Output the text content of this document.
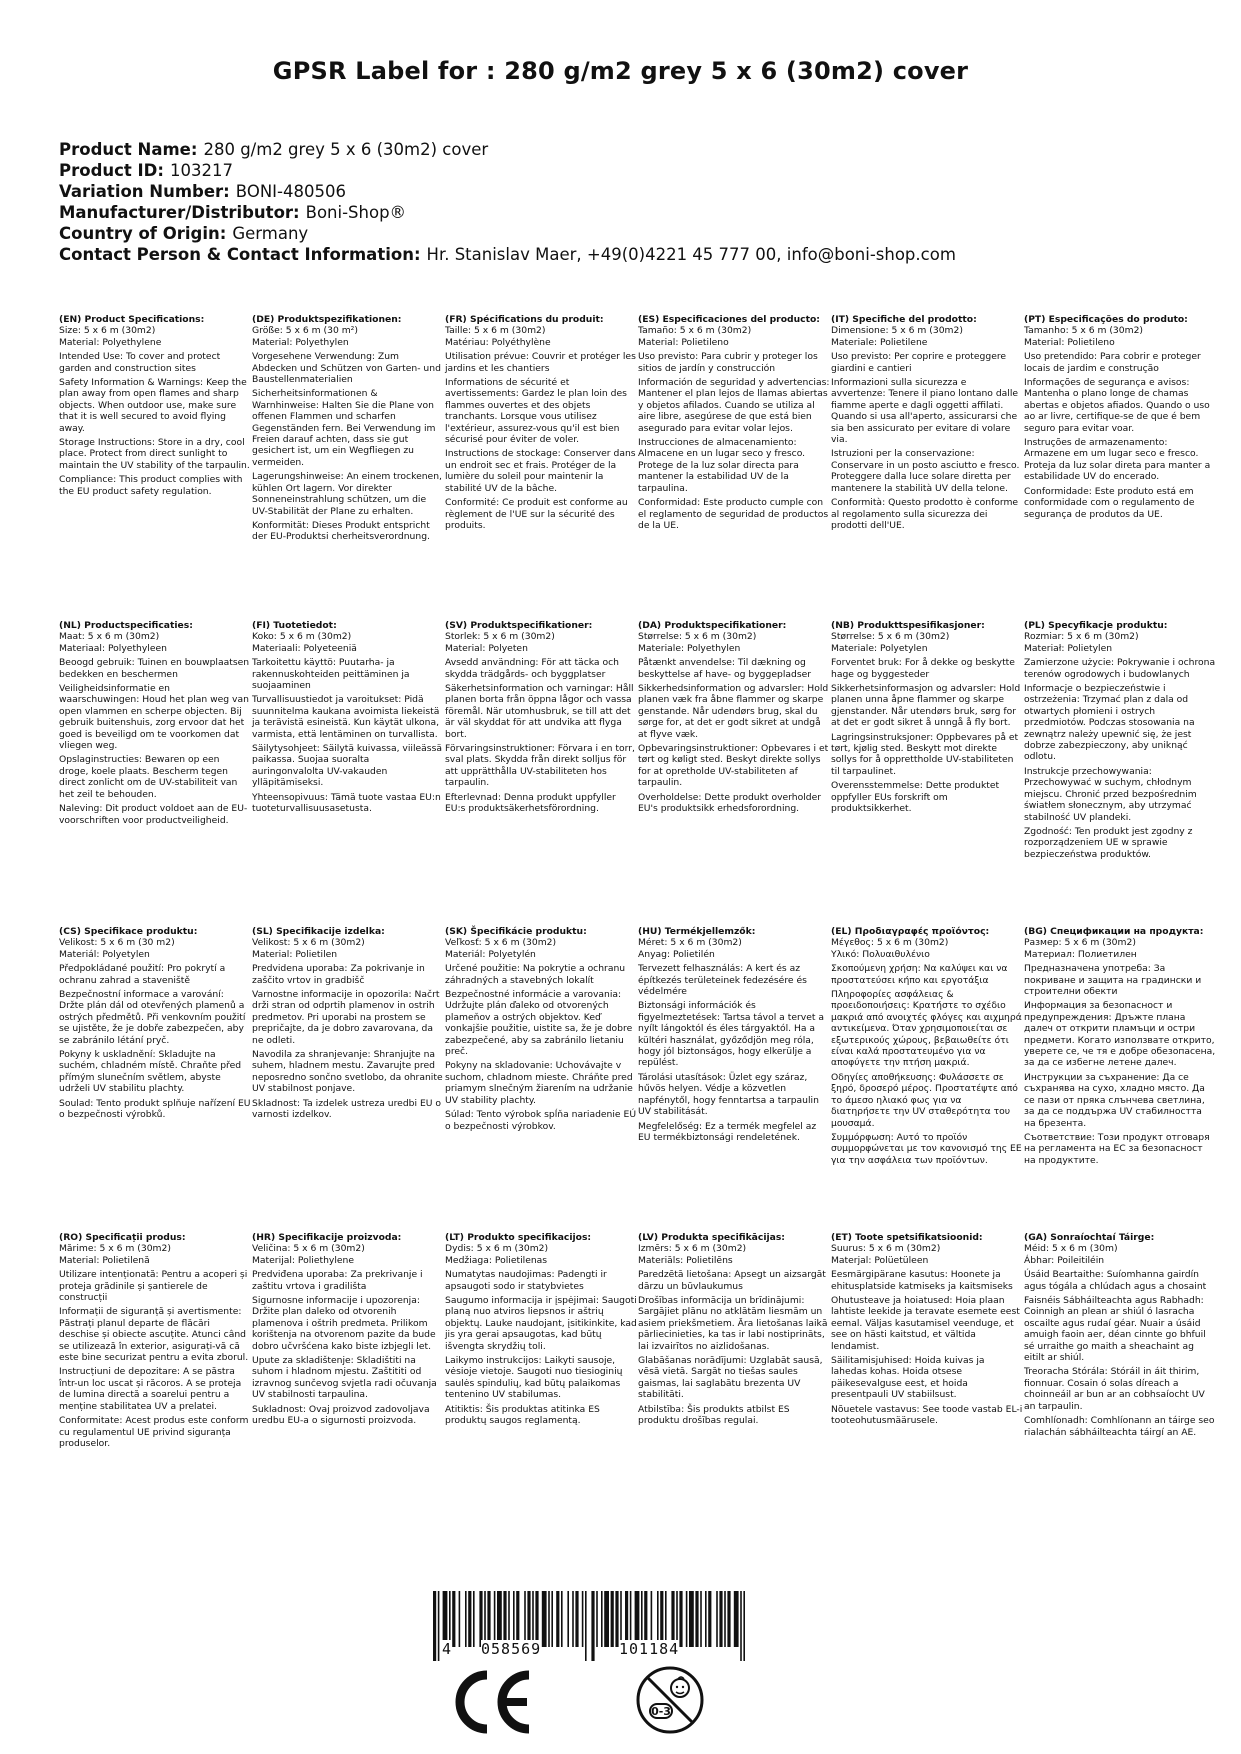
GPSR Label for : 280 g/m2 grey 5 x 6 (30m2) cover
Product Name: 280 g/m2 grey 5 x 6 (30m2) cover
Product ID: 103217
Variation Number: BONI-480506
Manufacturer/Distributor: Boni-Shop®
Country of Origin: Germany
Contact Person & Contact Information: Hr. Stanislav Maer, +49(0)4221 45 777 00, info@boni-shop.com
(EN) Product Specifications:
Size: 5 x 6 m (30m2)
Material: Polyethylene
Intended Use: To cover and protect garden and construction sites
Safety Information & Warnings: Keep the plan away from open flames and sharp objects. When outdoor use, make sure that it is well secured to avoid flying away.
Storage Instructions: Store in a dry, cool place. Protect from direct sunlight to maintain the UV stability of the tarpaulin.
Compliance: This product complies with the EU product safety regulation.
(DE) Produktspezifikationen:
Größe: 5 x 6 m (30 m²)
Material: Polyethylen
Vorgesehene Verwendung: Zum Abdecken und Schützen von Garten- und Baustellenmaterialien
Sicherheitsinformationen & Warnhinweise: Halten Sie die Plane von offenen Flammen und scharfen Gegenständen fern. Bei Verwendung im Freien darauf achten, dass sie gut gesichert ist, um ein Wegfliegen zu vermeiden.
Lagerungshinweise: An einem trockenen, kühlen Ort lagern. Vor direkter Sonneneinstrahlung schützen, um die UV-Stabilität der Plane zu erhalten.
Konformität: Dieses Produkt entspricht der EU-Produktsi cherheitsverordnung.
(FR) Spécifications du produit:
Taille: 5 x 6 m (30m2)
Matériau: Polyéthylène
Utilisation prévue: Couvrir et protéger les jardins et les chantiers
Informations de sécurité et avertissements: Gardez le plan loin des flammes ouvertes et des objets tranchants. Lorsque vous utilisez l'extérieur, assurez-vous qu'il est bien sécurisé pour éviter de voler.
Instructions de stockage: Conserver dans un endroit sec et frais. Protéger de la lumière du soleil pour maintenir la stabilité UV de la bâche.
Conformité: Ce produit est conforme au règlement de l'UE sur la sécurité des produits.
(ES) Especificaciones del producto:
Tamaño: 5 x 6 m (30m2)
Material: Polietileno
Uso previsto: Para cubrir y proteger los sitios de jardín y construcción
Información de seguridad y advertencias: Mantener el plan lejos de llamas abiertas y objetos afilados. Cuando se utiliza al aire libre, asegúrese de que está bien asegurado para evitar volar lejos.
Instrucciones de almacenamiento: Almacene en un lugar seco y fresco. Protege de la luz solar directa para mantener la estabilidad UV de la tarpaulina.
Conformidad: Este producto cumple con el reglamento de seguridad de productos de la UE.
(IT) Specifiche del prodotto:
Dimensione: 5 x 6 m (30m2)
Materiale: Polietilene
Uso previsto: Per coprire e proteggere giardini e cantieri
Informazioni sulla sicurezza e avvertenze: Tenere il piano lontano dalle fiamme aperte e dagli oggetti affilati. Quando si usa all'aperto, assicurarsi che sia ben assicurato per evitare di volare via.
Istruzioni per la conservazione: Conservare in un posto asciutto e fresco. Proteggere dalla luce solare diretta per mantenere la stabilità UV della telone.
Conformità: Questo prodotto è conforme al regolamento sulla sicurezza dei prodotti dell'UE.
(PT) Especificações do produto:
Tamanho: 5 x 6 m (30m2)
Material: Polietileno
Uso pretendido: Para cobrir e proteger locais de jardim e construção
Informações de segurança e avisos: Mantenha o plano longe de chamas abertas e objetos afiados. Quando o uso ao ar livre, certifique-se de que é bem seguro para evitar voar.
Instruções de armazenamento: Armazene em um lugar seco e fresco. Proteja da luz solar direta para manter a estabilidade UV do encerado.
Conformidade: Este produto está em conformidade com o regulamento de segurança de produtos da UE.
(NL) Productspecificaties:
Maat: 5 x 6 m (30m2)
Materiaal: Polyethyleen
Beoogd gebruik: Tuinen en bouwplaatsen bedekken en beschermen
Veiligheidsinformatie en waarschuwingen: Houd het plan weg van open vlammen en scherpe objecten. Bij gebruik buitenshuis, zorg ervoor dat het goed is beveiligd om te voorkomen dat vliegen weg.
Opslaginstructies: Bewaren op een droge, koele plaats. Bescherm tegen direct zonlicht om de UV-stabiliteit van het zeil te behouden.
Naleving: Dit product voldoet aan de EU-voorschriften voor productveiligheid.
(FI) Tuotetiedot:
Koko: 5 x 6 m (30m2)
Materiaali: Polyeteeniä
Tarkoitettu käyttö: Puutarha- ja rakennuskohteiden peittäminen ja suojaaminen
Turvallisuustiedot ja varoitukset: Pidä suunnitelma kaukana avoimista liekeistä ja terävistä esineistä. Kun käytät ulkona, varmista, että lentäminen on turvallista.
Säilytysohjeet: Säilytä kuivassa, viileässä paikassa. Suojaa suoralta auringonvalolta UV-vakauden ylläpitämiseksi.
Yhteensopivuus: Tämä tuote vastaa EU:n tuoteturvallisuusasetusta.
(SV) Produktspecifikationer:
Storlek: 5 x 6 m (30m2)
Material: Polyeten
Avsedd användning: För att täcka och skydda trädgårds- och byggplatser
Säkerhetsinformation och varningar: Håll planen borta från öppna lågor och vassa föremål. När utomhusbruk, se till att det är väl skyddat för att undvika att flyga bort.
Förvaringsinstruktioner: Förvara i en torr, sval plats. Skydda från direkt solljus för att upprätthålla UV-stabiliteten hos tarpaulin.
Efterlevnad: Denna produkt uppfyller EU:s produktsäkerhetsförordning.
(DA) Produktspecifikationer:
Størrelse: 5 x 6 m (30m2)
Materiale: Polyethylen
Påtænkt anvendelse: Til dækning og beskyttelse af have- og byggepladser
Sikkerhedsinformation og advarsler: Hold planen væk fra åbne flammer og skarpe genstande. Når udendørs brug, skal du sørge for, at det er godt sikret at undgå at flyve væk.
Opbevaringsinstruktioner: Opbevares i et tørt og køligt sted. Beskyt direkte sollys for at opretholde UV-stabiliteten af tarpaulin.
Overholdelse: Dette produkt overholder EU's produktsikk erhedsforordning.
(NB) Produkttspesifikasjoner:
Størrelse: 5 x 6 m (30m2)
Materiale: Polyetylen
Forventet bruk: For å dekke og beskytte hage og byggesteder
Sikkerhetsinformasjon og advarsler: Hold planen unna åpne flammer og skarpe gjenstander. Når utendørs bruk, sørg for at det er godt sikret å unngå å fly bort.
Lagringsinstruksjoner: Oppbevares på et tørt, kjølig sted. Beskytt mot direkte sollys for å opprettholde UV-stabiliteten til tarpaulinet.
Overensstemmelse: Dette produktet oppfyller EUs forskrift om produktsikkerhet.
(PL) Specyfikacje produktu:
Rozmiar: 5 x 6 m (30m2)
Materiał: Polietylen
Zamierzone użycie: Pokrywanie i ochrona terenów ogrodowych i budowlanych
Informacje o bezpieczeństwie i ostrzeżenia: Trzymać plan z dala od otwartych płomieni i ostrych przedmiotów. Podczas stosowania na zewnątrz należy upewnić się, że jest dobrze zabezpieczony, aby uniknąć odlotu.
Instrukcje przechowywania: Przechowywać w suchym, chłodnym miejscu. Chronić przed bezpośrednim światłem słonecznym, aby utrzymać stabilność UV plandeki.
Zgodność: Ten produkt jest zgodny z rozporządzeniem UE w sprawie bezpieczeństwa produktów.
(CS) Specifikace produktu:
Velikost: 5 x 6 m (30 m2)
Materiál: Polyetylen
Předpokládané použití: Pro pokrytí a ochranu zahrad a staveniště
Bezpečnostní informace a varování: Držte plán dál od otevřených plamenů a ostrých předmětů. Při venkovním použití se ujistěte, že je dobře zabezpečen, aby se zabránilo létání pryč.
Pokyny k uskladnění: Skladujte na suchém, chladném místě. Chraňte před přímým slunečním světlem, abyste udrželi UV stabilitu plachty.
Soulad: Tento produkt splňuje nařízení EU o bezpečnosti výrobků.
(SL) Specifikacije izdelka:
Velikost: 5 x 6 m (30m2)
Material: Polietilen
Predvidena uporaba: Za pokrivanje in zaščito vrtov in gradbišč
Varnostne informacije in opozorila: Načrt drži stran od odprtih plamenov in ostrih predmetov. Pri uporabi na prostem se prepričajte, da je dobro zavarovana, da ne odleti.
Navodila za shranjevanje: Shranjujte na suhem, hladnem mestu. Zavarujte pred neposredno sončno svetlobo, da ohranite UV stabilnost ponjave.
Skladnost: Ta izdelek ustreza uredbi EU o varnosti izdelkov.
(SK) Špecifikácie produktu:
Veľkosť: 5 x 6 m (30m2)
Materiál: Polyetylén
Určené použitie: Na pokrytie a ochranu záhradných a stavebných lokalít
Bezpečnostné informácie a varovania: Udržujte plán ďaleko od otvorených plameňov a ostrých objektov. Keď vonkajšie použitie, uistite sa, že je dobre zabezpečené, aby sa zabránilo lietaniu preč.
Pokyny na skladovanie: Uchovávajte v suchom, chladnom mieste. Chráňte pred priamym slnečným žiarením na udržanie UV stability plachty.
Súlad: Tento výrobok spĺňa nariadenie EÚ o bezpečnosti výrobkov.
(HU) Termékjellemzők:
Méret: 5 x 6 m (30m2)
Anyag: Polietilén
Tervezett felhasználás: A kert és az építkezés területeinek fedezésére és védelmére
Biztonsági információk és figyelmeztetések: Tartsa távol a tervet a nyílt lángoktól és éles tárgyaktól. Ha a kültéri használat, győződjön meg róla, hogy jól biztonságos, hogy elkerülje a repülést.
Tárolási utasítások: Üzlet egy száraz, hűvös helyen. Védje a közvetlen napfénytől, hogy fenntartsa a tarpaulin UV stabilitását.
Megfelelőség: Ez a termék megfelel az EU termékbiztonsági rendeletének.
(EL) Προδιαγραφές προϊόντος:
Μέγεθος: 5 x 6 m (30m2)
Υλικό: Πολυαιθυλένιο
Σκοπούμενη χρήση: Να καλύψει και να προστατεύσει κήπο και εργοτάξια
Πληροφορίες ασφάλειας & προειδοποιήσεις: Κρατήστε το σχέδιο μακριά από ανοιχτές φλόγες και αιχμηρά αντικείμενα. Όταν χρησιμοποιείται σε εξωτερικούς χώρους, βεβαιωθείτε ότι είναι καλά προστατευμένο για να αποφύγετε την πτήση μακριά.
Οδηγίες αποθήκευσης: Φυλάσσετε σε ξηρό, δροσερό μέρος. Προστατέψτε από το άμεσο ηλιακό φως για να διατηρήσετε την UV σταθερότητα του μουσαμά.
Συμμόρφωση: Αυτό το προϊόν συμμορφώνεται με τον κανονισμό της ΕΕ για την ασφάλεια των προϊόντων.
(BG) Спецификации на продукта:
Размер: 5 x 6 m (30m2)
Материал: Полиетилен
Предназначена употреба: За покриване и защита на градински и строителни обекти
Информация за безопасност и предупреждения: Дръжте плана далеч от открити пламъци и остри предмети. Когато използвате открито, уверете се, че тя е добре обезопасена, за да се избегне летене далеч.
Инструкции за съхранение: Да се съхранява на сухо, хладно място. Да се пази от пряка слънчева светлина, за да се поддържа UV стабилността на брезента.
Съответствие: Този продукт отговаря на регламента на ЕС за безопасност на продуктите.
(RO) Specificații produs:
Mărime: 5 x 6 m (30m2)
Material: Polietilenă
Utilizare intenționată: Pentru a acoperi și proteja grădinile și șantierele de construcții
Informații de siguranță și avertismente: Păstrați planul departe de flăcări deschise și obiecte ascuțite. Atunci când se utilizează în exterior, asigurați-vă că este bine securizat pentru a evita zborul.
Instrucțiuni de depozitare: A se păstra într-un loc uscat și răcoros. A se proteja de lumina directă a soarelui pentru a menține stabilitatea UV a prelatei.
Conformitate: Acest produs este conform cu regulamentul UE privind siguranța produselor.
(HR) Specifikacije proizvoda:
Veličina: 5 x 6 m (30m2)
Materijal: Poliethylene
Predviđena uporaba: Za prekrivanje i zaštitu vrtova i gradilišta
Sigurnosne informacije i upozorenja: Držite plan daleko od otvorenih plamenova i oštrih predmeta. Prilikom korištenja na otvorenom pazite da bude dobro učvršćena kako biste izbjegli let.
Upute za skladištenje: Skladištiti na suhom i hladnom mjestu. Zaštititi od izravnog sunčevog svjetla radi očuvanja UV stabilnosti tarpaulina.
Sukladnost: Ovaj proizvod zadovoljava uredbu EU-a o sigurnosti proizvoda.
(LT) Produkto specifikacijos:
Dydis: 5 x 6 m (30m2)
Medžiaga: Polietilenas
Numatytas naudojimas: Padengti ir apsaugoti sodo ir statybvietes
Saugumo informacija ir įspėjimai: Saugoti planą nuo atviros liepsnos ir aštrių objektų. Lauke naudojant, įsitikinkite, kad jis yra gerai apsaugotas, kad būtų išvengta skrydžių toli.
Laikymo instrukcijos: Laikyti sausoje, vėsioje vietoje. Saugoti nuo tiesioginių saulės spindulių, kad būtų palaikomas tentenino UV stabilumas.
Atitiktis: Šis produktas atitinka ES produktų saugos reglamentą.
(LV) Produkta specifikācijas:
Izmērs: 5 x 6 m (30m2)
Materiāls: Polietilēns
Paredzētā lietošana: Apsegt un aizsargāt dārzu un būvlaukumus
Drošības informācija un brīdinājumi: Sargājiet plānu no atklātām liesmām un asiem priekšmetiem. Āra lietošanas laikā pārliecinieties, ka tas ir labi nostiprināts, lai izvairītos no aizlidošanas.
Glabāšanas norādījumi: Uzglabāt sausā, vēsā vietā. Sargāt no tiešas saules gaismas, lai saglabātu brezenta UV stabilitāti.
Atbilstība: Šis produkts atbilst ES produktu drošības regulai.
(ET) Toote spetsifikatsioonid:
Suurus: 5 x 6 m (30m2)
Materjal: Polüetüleen
Eesmärgipärane kasutus: Hoonete ja ehitusplatside katmiseks ja kaitsmiseks
Ohutusteave ja hoiatused: Hoia plaan lahtiste leekide ja teravate esemete eest eemal. Väljas kasutamisel veenduge, et see on hästi kaitstud, et vältida lendamist.
Säilitamisjuhised: Hoida kuivas ja lahedas kohas. Hoida otsese päikesevalguse eest, et hoida presentpauli UV stabiilsust.
Nõuetele vastavus: See toode vastab EL-i tooteohutusmäärusele.
(GA) Sonraíochtaí Táirge:
Méid: 5 x 6 m (30m)
Ábhar: Poileitiléin
Úsáid Beartaithe: Suíomhanna gairdín agus tógála a chlúdach agus a chosaint
Faisnéis Sábháilteachta agus Rabhadh: Coinnigh an plean ar shiúl ó lasracha oscailte agus rudaí géar. Nuair a úsáid amuigh faoin aer, déan cinnte go bhfuil sé urraithe go maith a sheachaint ag eitilt ar shiúl.
Treoracha Stórála: Stóráil in áit thirim, fionnuar. Cosain ó solas díreach a choinneáil ar bun ar an cobhsaíocht UV an tarpaulin.
Comhlíonadh: Comhlíonann an táirge seo rialachán sábháilteachta táirgí an AE.
4 058569	101184
0-3
